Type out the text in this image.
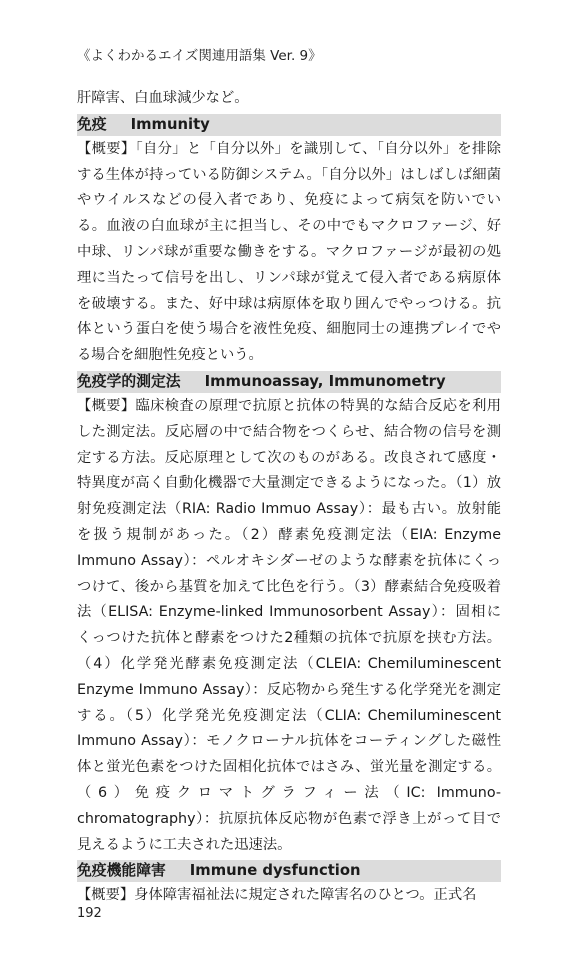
《よくわかるエイズ関連用語集 Ver. 9》

肝障害、白血球減少など。

免疫 Immunity

【概要】「自分」と「自分以外」を識別して、「自分以外」を排除する生体が持っている防御システム。「自分以外」はしばしば細菌やウイルスなどの侵入者であり、免疫によって病気を防いでいる。血液の白血球が主に担当し、その中でもマクロファージ、好中球、リンパ球が重要な働きをする。マクロファージが最初の処理に当たって信号を出し、リンパ球が覚えて侵入者である病原体を破壊する。また、好中球は病原体を取り囲んでやっつける。抗体という蛋白を使う場合を液性免疫、細胞同士の連携プレイでやる場合を細胞性免疫という。

免疫学的測定法 Immunoassay, Immunometry

【概要】臨床検査の原理で抗原と抗体の特異的な結合反応を利用した測定法。反応層の中で結合物をつくらせ、結合物の信号を測定する方法。反応原理として次のものがある。改良されて感度・特異度が高く自動化機器で大量測定できるようになった。（1）放射免疫測定法（RIA: Radio Immuo Assay）：最も古い。放射能を扱う規制があった。（2）酵素免疫測定法（EIA: Enzyme Immuno Assay）：ペルオキシダーゼのような酵素を抗体にくっつけて、後から基質を加えて比色を行う。（3）酵素結合免疫吸着法（ELISA: Enzyme-linked Immunosorbent Assay）：固相にくっつけた抗体と酵素をつけた2種類の抗体で抗原を挟む方法。（4）化学発光酵素免疫測定法（CLEIA: Chemiluminescent Enzyme Immuno Assay）：反応物から発生する化学発光を測定する。（5）化学発光免疫測定法（CLIA: Chemiluminescent Immuno Assay）：モノクローナル抗体をコーティングした磁性体と蛍光色素をつけた固相化抗体ではさみ、蛍光量を測定する。（6）免疫クロマトグラフィー法（IC: Immuno-chromatography）：抗原抗体反応物が色素で浮き上がって目で見えるように工夫された迅速法。

免疫機能障害 Immune dysfunction

【概要】身体障害福祉法に規定された障害名のひとつ。正式名

192
